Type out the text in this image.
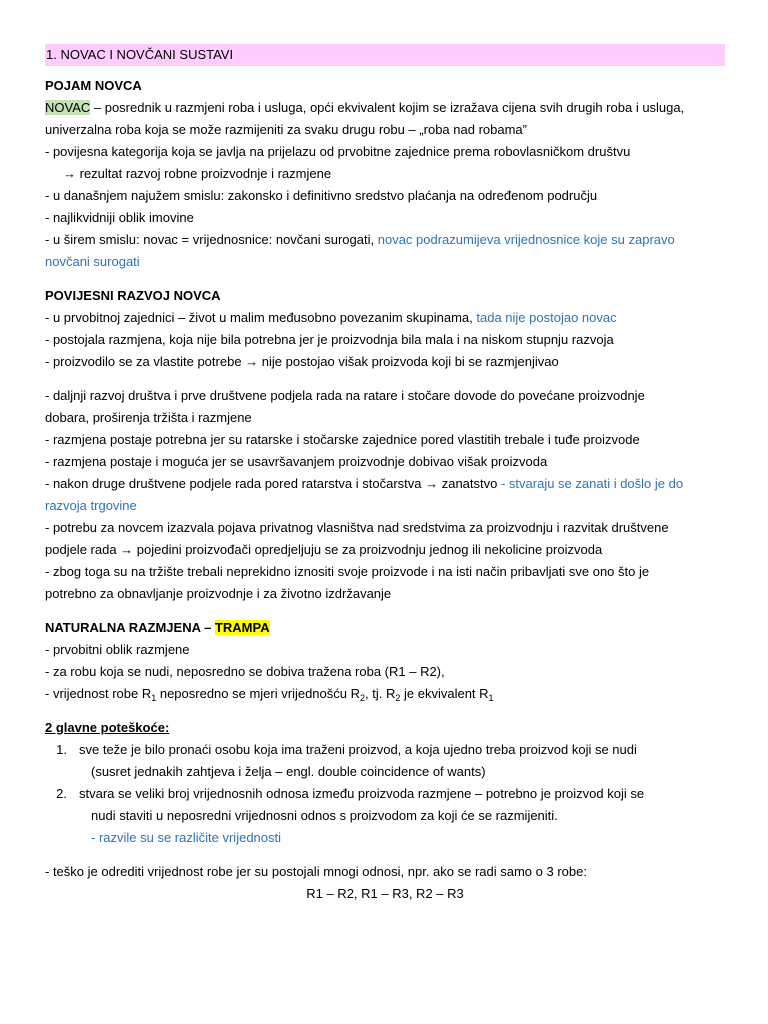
1. NOVAC I NOVČANI SUSTAVI
POJAM NOVCA
NOVAC – posrednik u razmjeni roba i usluga, opći ekvivalent kojim se izražava cijena svih drugih roba i usluga,
univerzalna roba koja se može razmijeniti za svaku drugu robu – „roba nad robama”
- povijesna kategorija koja se javlja na prijelazu od prvobitne zajednice prema robovlasničkom društvu
→ rezultat razvoj robne proizvodnje i razmjene
- u današnjem najužem smislu: zakonsko i definitivno sredstvo plaćanja na određenom području
- najlikvidniji oblik imovine
- u širem smislu: novac = vrijednosnice: novčani surogati, novac podrazumijeva vrijednosnice koje su zapravo
novčani surogati
POVIJESNI RAZVOJ NOVCA
- u prvobitnoj zajednici – život u malim međusobno povezanim skupinama, tada nije postojao novac
- postojala razmjena, koja nije bila potrebna jer je proizvodnja bila mala i na niskom stupnju razvoja
- proizvodilo se za vlastite potrebe → nije postojao višak proizvoda koji bi se razmjenjivao
- daljnji razvoj društva i prve društvene podjela rada na ratare i stočare dovode do povećane proizvodnje
dobara, proširenja tržišta i razmjene
- razmjena postaje potrebna jer su ratarske i stočarske zajednice pored vlastitih trebale i tuđe proizvode
- razmjena postaje i moguća jer se usavršavanjem proizvodnje dobivao višak proizvoda
- nakon druge društvene podjele rada pored ratarstva i stočarstva → zanatstvo - stvaraju se zanati i došlo je do
razvoja trgovine
- potrebu za novcem izazvala pojava privatnog vlasništva nad sredstvima za proizvodnju i razvitak društvene
podjele rada → pojedini proizvođači opredjeljuju se za proizvodnju jednog ili nekolicine proizvoda
- zbog toga su na tržište trebali neprekidno iznositi svoje proizvode i na isti način pribavljati sve ono što je
potrebno za obnavljanje proizvodnje i za životno izdržavanje
NATURALNA RAZMJENA – TRAMPA
- prvobitni oblik razmjene
- za robu koja se nudi, neposredno se dobiva tražena roba (R1 – R2),
- vrijednost robe $R_1$ neposredno se mjeri vrijednošću $R_2$, tj. $R_2$ je ekvivalent $R_1$
2 glavne poteškoće:
1. sve teže je bilo pronaći osobu koja ima traženi proizvod, a koja ujedno treba proizvod koji se nudi
(susret jednakih zahtjeva i želja – engl. double coincidence of wants)
2. stvara se veliki broj vrijednosnih odnosa između proizvoda razmjene – potrebno je proizvod koji se
nudi staviti u neposredni vrijednosni odnos s proizvodom za koji će se razmijeniti.
- razvile su se različite vrijednosti
- teško je odrediti vrijednost robe jer su postojali mnogi odnosi, npr. ako se radi samo o 3 robe:
R1 – R2, R1 – R3, R2 – R3
